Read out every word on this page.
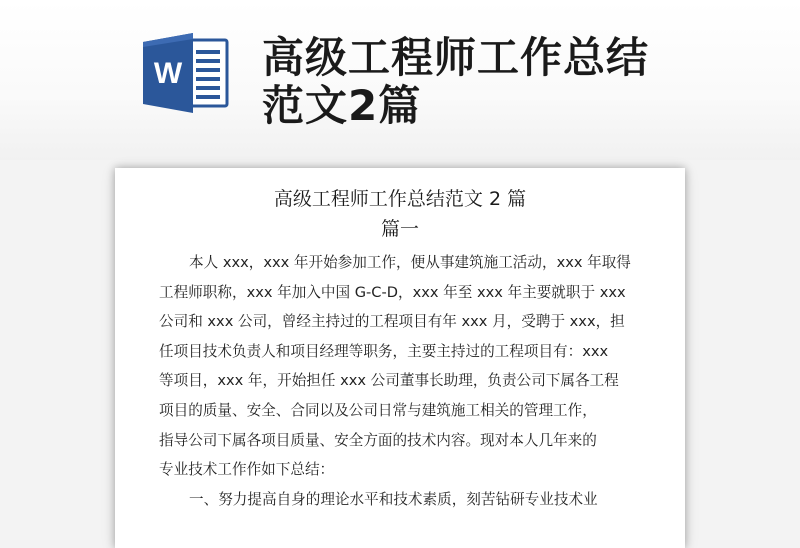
W 高级工程师工作总结
范文2篇
高级工程师工作总结范文 2 篇
篇一
本人 xxx，xxx 年开始参加工作，便从事建筑施工活动，xxx 年取得
工程师职称，xxx 年加入中国 G-C-D，xxx 年至 xxx 年主要就职于 xxx
公司和 xxx 公司，曾经主持过的工程项目有年 xxx 月，受聘于 xxx，担
任项目技术负责人和项目经理等职务，主要主持过的工程项目有：xxx
等项目，xxx 年，开始担任 xxx 公司董事长助理，负责公司下属各工程
项目的质量、安全、合同以及公司日常与建筑施工相关的管理工作，
指导公司下属各项目质量、安全方面的技术内容。现对本人几年来的
专业技术工作作如下总结：
一、努力提高自身的理论水平和技术素质，刻苦钻研专业技术业
